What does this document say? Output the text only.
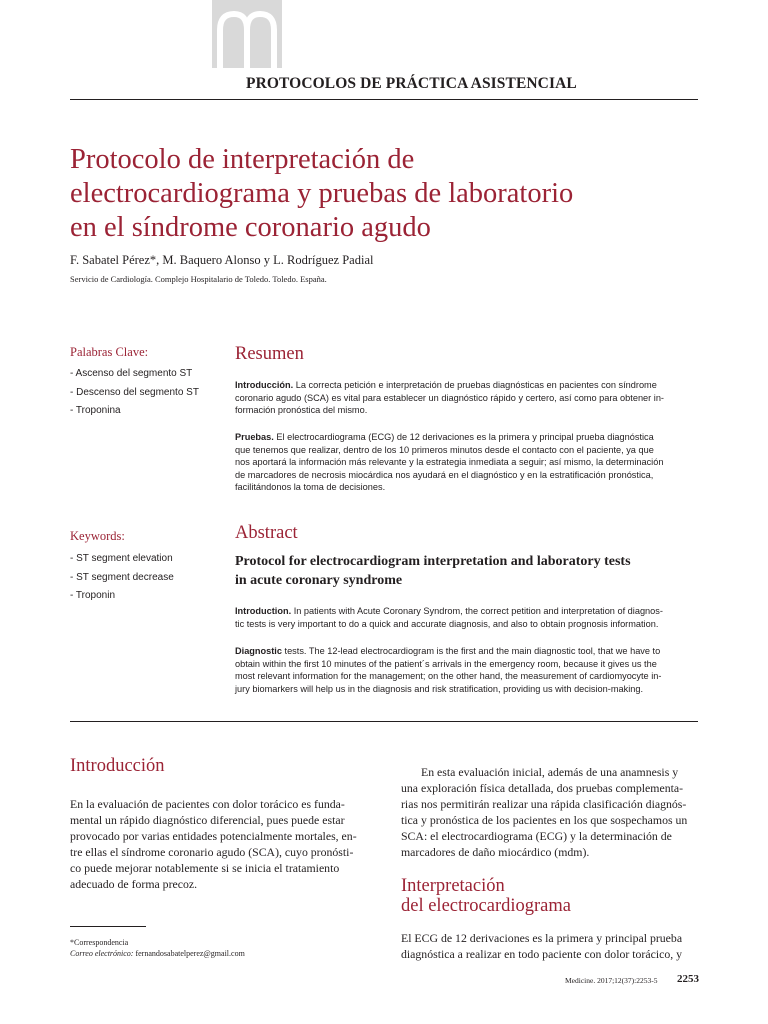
PROTOCOLOS DE PRÁCTICA ASISTENCIAL
Protocolo de interpretación de
electrocardiograma y pruebas de laboratorio
en el síndrome coronario agudo
F. Sabatel Pérez*, M. Baquero Alonso y L. Rodríguez Padial
Servicio de Cardiología. Complejo Hospitalario de Toledo. Toledo. España.
Palabras Clave:
- Ascenso del segmento ST
- Descenso del segmento ST
- Troponina
Resumen
Introducción. La correcta petición e interpretación de pruebas diagnósticas en pacientes con síndrome
coronario agudo (SCA) es vital para establecer un diagnóstico rápido y certero, así como para obtener in-
formación pronóstica del mismo.
Pruebas. El electrocardiograma (ECG) de 12 derivaciones es la primera y principal prueba diagnóstica
que tenemos que realizar, dentro de los 10 primeros minutos desde el contacto con el paciente, ya que
nos aportará la información más relevante y la estrategia inmediata a seguir; así mismo, la determinación
de marcadores de necrosis miocárdica nos ayudará en el diagnóstico y en la estratificación pronóstica,
facilitándonos la toma de decisiones.
Keywords:
- ST segment elevation
- ST segment decrease
- Troponin
Abstract
Protocol for electrocardiogram interpretation and laboratory tests
in acute coronary syndrome
Introduction. In patients with Acute Coronary Syndrom, the correct petition and interpretation of diagnos-
tic tests is very important to do a quick and accurate diagnosis, and also to obtain prognosis information.
Diagnostic tests. The 12-lead electrocardiogram is the first and the main diagnostic tool, that we have to
obtain within the first 10 minutes of the patient´s arrivals in the emergency room, because it gives us the
most relevant information for the management; on the other hand, the measurement of cardiomyocyte in-
jury biomarkers will help us in the diagnosis and risk stratification, providing us with decision-making.
Introducción
En la evaluación de pacientes con dolor torácico es funda-
mental un rápido diagnóstico diferencial, pues puede estar
provocado por varias entidades potencialmente mortales, en-
tre ellas el síndrome coronario agudo (SCA), cuyo pronósti-
co puede mejorar notablemente si se inicia el tratamiento
adecuado de forma precoz.
*Correspondencia
Correo electrónico: fernandosabatelperez@gmail.com
En esta evaluación inicial, además de una anamnesis y
una exploración física detallada, dos pruebas complementa-
rias nos permitirán realizar una rápida clasificación diagnós-
tica y pronóstica de los pacientes en los que sospechamos un
SCA: el electrocardiograma (ECG) y la determinación de
marcadores de daño miocárdico (mdm).
Interpretación
del electrocardiograma
El ECG de 12 derivaciones es la primera y principal prueba
diagnóstica a realizar en todo paciente con dolor torácico, y
Medicine. 2017;12(37):2253-5 2253
